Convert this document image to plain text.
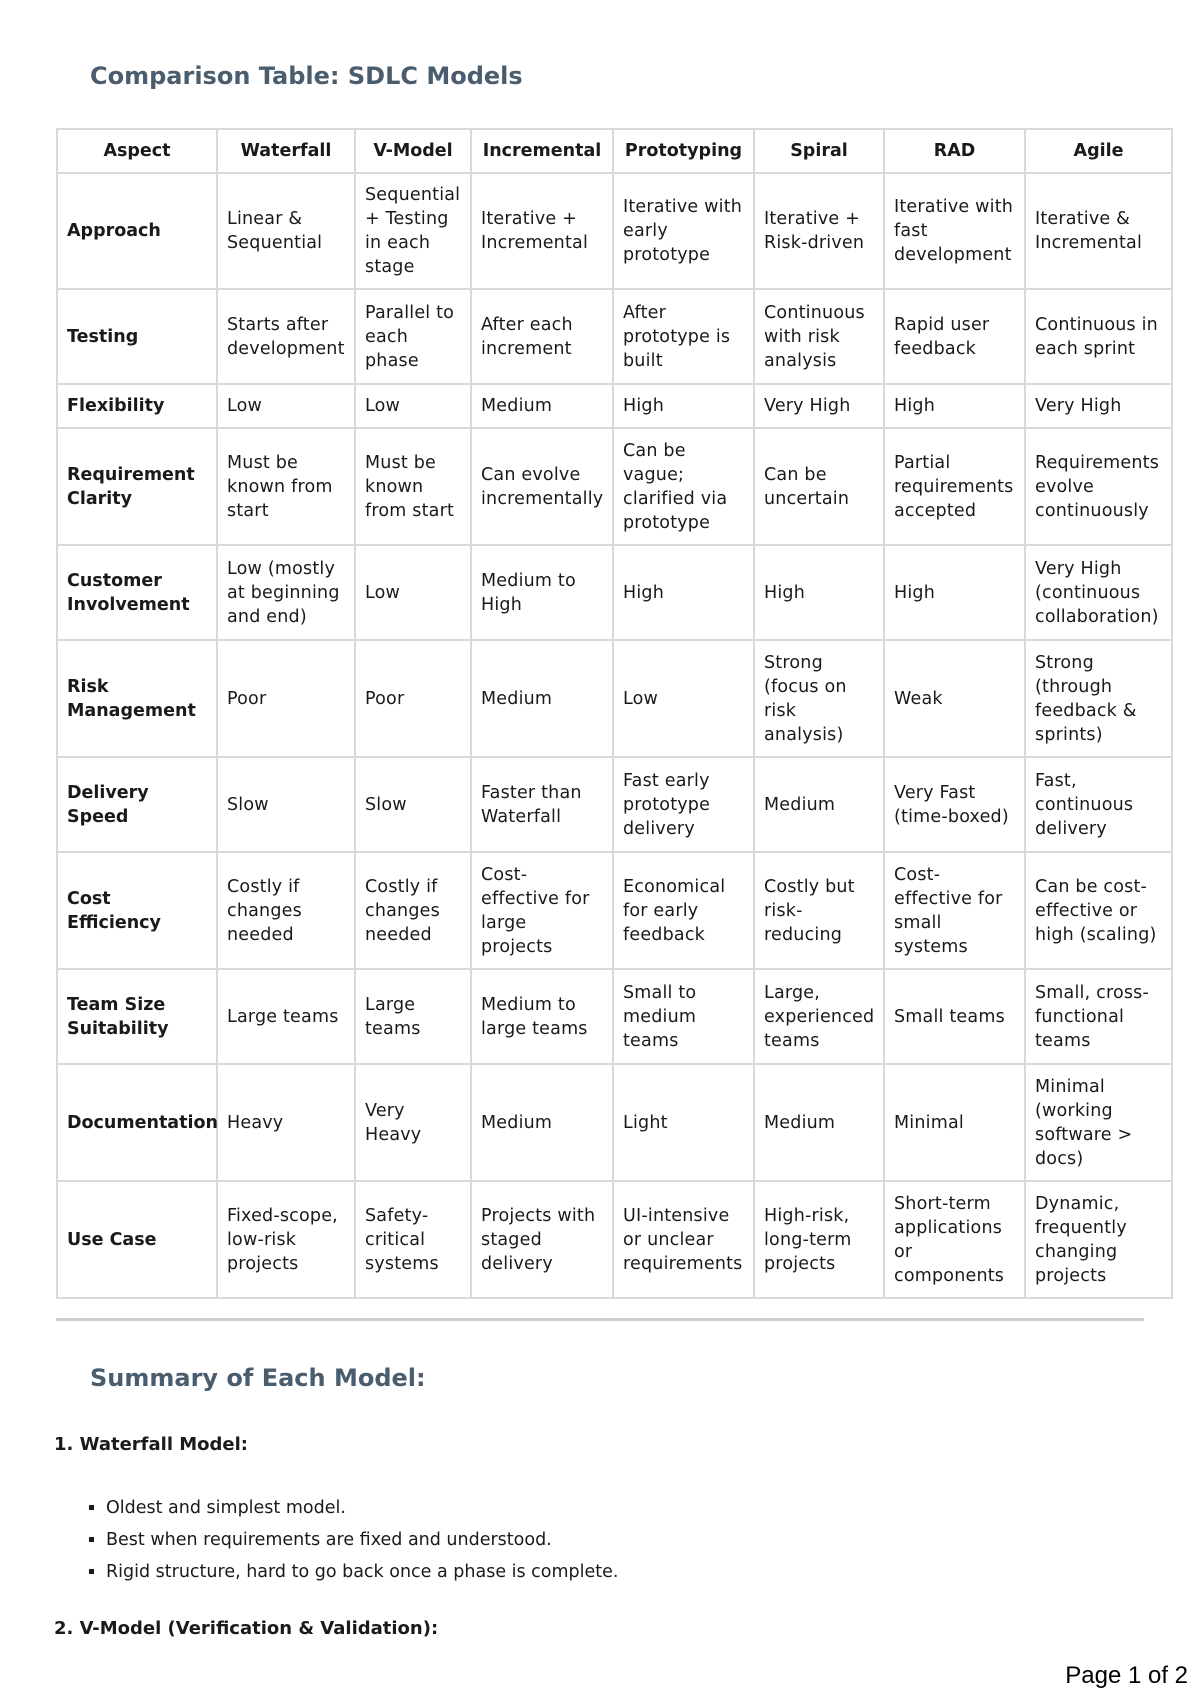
Comparison Table: SDLC Models
Aspect	Waterfall	V-Model	Incremental	Prototyping	Spiral	RAD	Agile
Approach	Linear & Sequential	Sequential + Testing in each stage	Iterative + Incremental	Iterative with early prototype	Iterative + Risk-driven	Iterative with fast development	Iterative & Incremental
Testing	Starts after development	Parallel to each phase	After each increment	After prototype is built	Continuous with risk analysis	Rapid user feedback	Continuous in each sprint
Flexibility	Low	Low	Medium	High	Very High	High	Very High
Requirement Clarity	Must be known from start	Must be known from start	Can evolve incrementally	Can be vague; clarified via prototype	Can be uncertain	Partial requirements accepted	Requirements evolve continuously
Customer Involvement	Low (mostly at beginning and end)	Low	Medium to High	High	High	High	Very High (continuous collaboration)
Risk Management	Poor	Poor	Medium	Low	Strong (focus on risk analysis)	Weak	Strong (through feedback & sprints)
Delivery Speed	Slow	Slow	Faster than Waterfall	Fast early prototype delivery	Medium	Very Fast (time-boxed)	Fast, continuous delivery
Cost Efficiency	Costly if changes needed	Costly if changes needed	Cost-effective for large projects	Economical for early feedback	Costly but risk-reducing	Cost-effective for small systems	Can be cost-effective or high (scaling)
Team Size Suitability	Large teams	Large teams	Medium to large teams	Small to medium teams	Large, experienced teams	Small teams	Small, cross-functional teams
Documentation	Heavy	Very Heavy	Medium	Light	Medium	Minimal	Minimal (working software > docs)
Use Case	Fixed-scope, low-risk projects	Safety-critical systems	Projects with staged delivery	UI-intensive or unclear requirements	High-risk, long-term projects	Short-term applications or components	Dynamic, frequently changing projects
Summary of Each Model:

1. Waterfall Model:

▪ Oldest and simplest model.
▪ Best when requirements are fixed and understood.
▪ Rigid structure, hard to go back once a phase is complete.

2. V-Model (Verification & Validation):

Page 1 of 2
